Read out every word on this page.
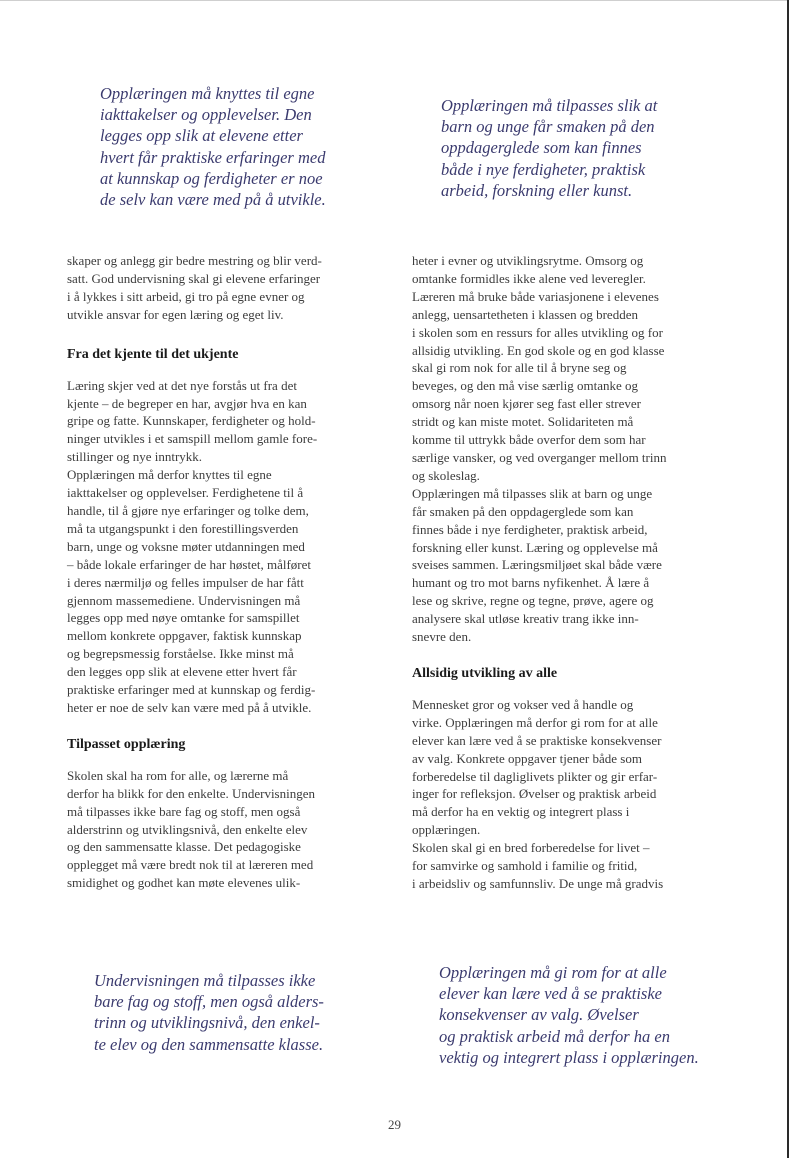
Opplæringen må knyttes til egne
iakttakelser og opplevelser. Den
legges opp slik at elevene etter
hvert får praktiske erfaringer med
at kunnskap og ferdigheter er noe
de selv kan være med på å utvikle.
Opplæringen må tilpasses slik at
barn og unge får smaken på den
oppdagerglede som kan finnes
både i nye ferdigheter, praktisk
arbeid, forskning eller kunst.
skaper og anlegg gir bedre mestring og blir verd-
satt. God undervisning skal gi elevene erfaringer
i å lykkes i sitt arbeid, gi tro på egne evner og
utvikle ansvar for egen læring og eget liv.
Fra det kjente til det ukjente
Læring skjer ved at det nye forstås ut fra det
kjente – de begreper en har, avgjør hva en kan
gripe og fatte. Kunnskaper, ferdigheter og hold-
ninger utvikles i et samspill mellom gamle fore-
stillinger og nye inntrykk.
Opplæringen må derfor knyttes til egne
iakttakelser og opplevelser. Ferdighetene til å
handle, til å gjøre nye erfaringer og tolke dem,
må ta utgangspunkt i den forestillingsverden
barn, unge og voksne møter utdanningen med
– både lokale erfaringer de har høstet, målføret
i deres nærmiljø og felles impulser de har fått
gjennom massemediene. Undervisningen må
legges opp med nøye omtanke for samspillet
mellom konkrete oppgaver, faktisk kunnskap
og begrepsmessig forståelse. Ikke minst må
den legges opp slik at elevene etter hvert får
praktiske erfaringer med at kunnskap og ferdig-
heter er noe de selv kan være med på å utvikle.
Tilpasset opplæring
Skolen skal ha rom for alle, og lærerne må
derfor ha blikk for den enkelte. Undervisningen
må tilpasses ikke bare fag og stoff, men også
alderstrinn og utviklingsnivå, den enkelte elev
og den sammensatte klasse. Det pedagogiske
opplegget må være bredt nok til at læreren med
smidighet og godhet kan møte elevenes ulik-
heter i evner og utviklingsrytme. Omsorg og
omtanke formidles ikke alene ved leveregler.
Læreren må bruke både variasjonene i elevenes
anlegg, uensartetheten i klassen og bredden
i skolen som en ressurs for alles utvikling og for
allsidig utvikling. En god skole og en god klasse
skal gi rom nok for alle til å bryne seg og
beveges, og den må vise særlig omtanke og
omsorg når noen kjører seg fast eller strever
stridt og kan miste motet. Solidariteten må
komme til uttrykk både overfor dem som har
særlige vansker, og ved overganger mellom trinn
og skoleslag.
Opplæringen må tilpasses slik at barn og unge
får smaken på den oppdagerglede som kan
finnes både i nye ferdigheter, praktisk arbeid,
forskning eller kunst. Læring og opplevelse må
sveises sammen. Læringsmiljøet skal både være
humant og tro mot barns nyfikenhet. Å lære å
lese og skrive, regne og tegne, prøve, agere og
analysere skal utløse kreativ trang ikke inn-
snevre den.
Allsidig utvikling av alle
Mennesket gror og vokser ved å handle og
virke. Opplæringen må derfor gi rom for at alle
elever kan lære ved å se praktiske konsekvenser
av valg. Konkrete oppgaver tjener både som
forberedelse til dagliglivets plikter og gir erfar-
inger for refleksjon. Øvelser og praktisk arbeid
må derfor ha en vektig og integrert plass i
opplæringen.
Skolen skal gi en bred forberedelse for livet –
for samvirke og samhold i familie og fritid,
i arbeidsliv og samfunnsliv. De unge må gradvis
Undervisningen må tilpasses ikke
bare fag og stoff, men også alders-
trinn og utviklingsnivå, den enkel-
te elev og den sammensatte klasse.
Opplæringen må gi rom for at alle
elever kan lære ved å se praktiske
konsekvenser av valg. Øvelser
og praktisk arbeid må derfor ha en
vektig og integrert plass i opplæringen.
29
